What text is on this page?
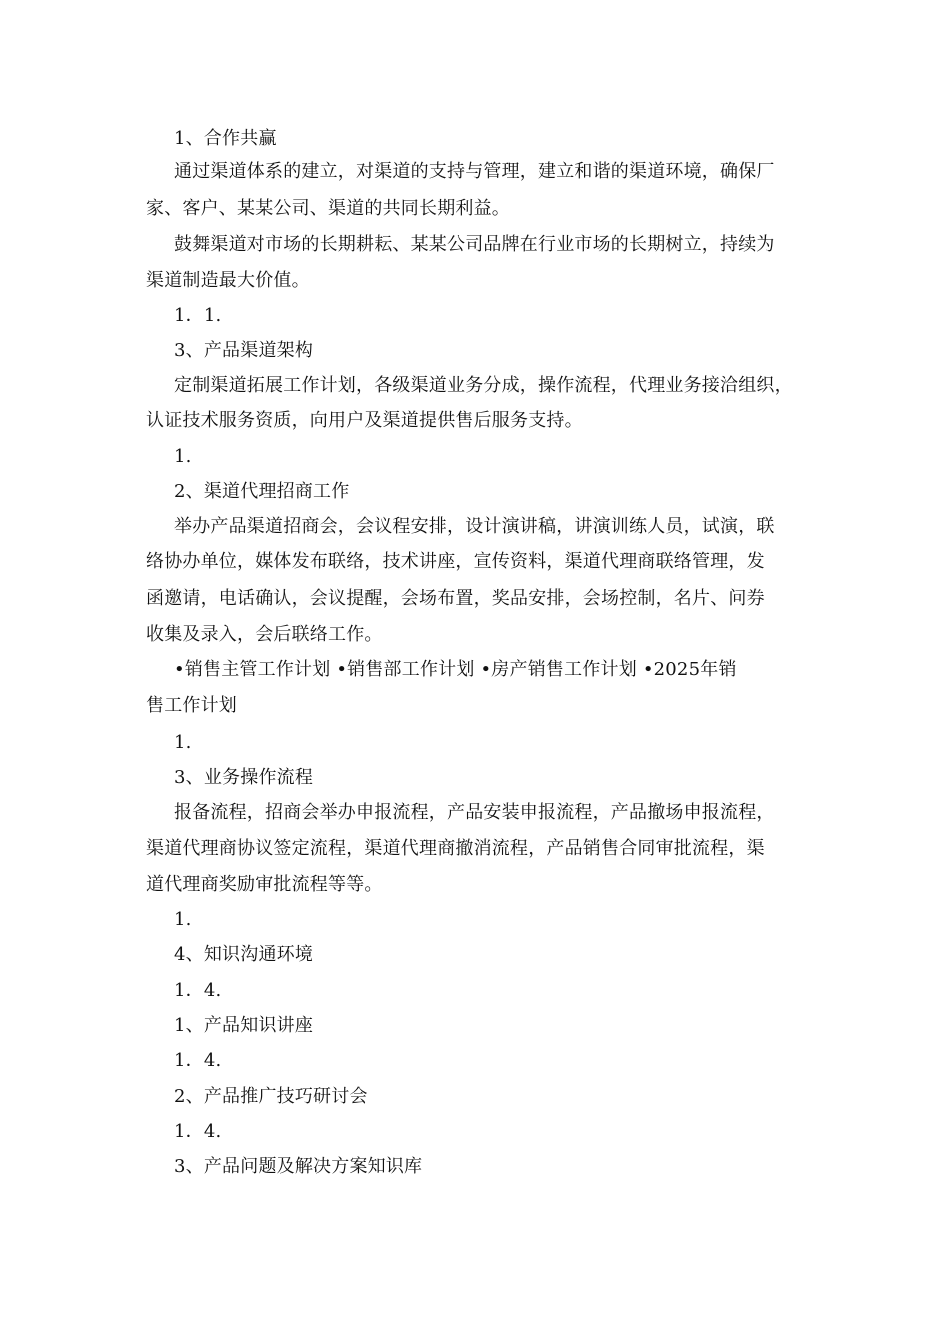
1、合作共赢
通过渠道体系的建立，对渠道的支持与管理，建立和谐的渠道环境，确保厂
家、客户、某某公司、渠道的共同长期利益。
鼓舞渠道对市场的长期耕耘、某某公司品牌在行业市场的长期树立，持续为
渠道制造最大价值。
1．1.
3、产品渠道架构
定制渠道拓展工作计划，各级渠道业务分成，操作流程，代理业务接洽组织，
认证技术服务资质，向用户及渠道提供售后服务支持。
1.
2、渠道代理招商工作
举办产品渠道招商会，会议程安排，设计演讲稿，讲演训练人员，试演，联
络协办单位，媒体发布联络，技术讲座，宣传资料，渠道代理商联络管理，发
函邀请，电话确认，会议提醒，会场布置，奖品安排，会场控制，名片、问券
收集及录入，会后联络工作。
•销售主管工作计划 •销售部工作计划 •房产销售工作计划 •2025年销
售工作计划
1.
3、业务操作流程
报备流程，招商会举办申报流程，产品安装申报流程，产品撤场申报流程，
渠道代理商协议签定流程，渠道代理商撤消流程，产品销售合同审批流程，渠
道代理商奖励审批流程等等。
1.
4、知识沟通环境
1．4.
1、产品知识讲座
1．4.
2、产品推广技巧研讨会
1．4.
3、产品问题及解决方案知识库
